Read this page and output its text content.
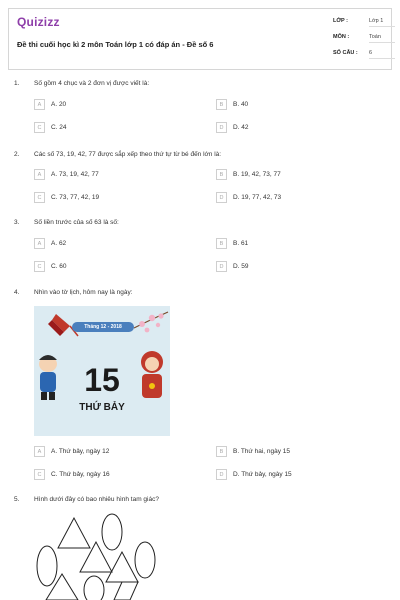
Quizizz
Đề thi cuối học kì 2 môn Toán lớp 1 có đáp án - Đề số 6
LỚP :	Lớp 1
MÔN :	Toán
SỐ CÂU : 6
1. Số gồm 4 chục và 2 đơn vị được viết là:
A	A. 20	B	B. 40
C	C. 24	D	D. 42
2. Các số 73, 19, 42, 77 được sắp xếp theo thứ tự từ bé đến lớn là:
A	A. 73, 19, 42, 77	B	B. 19, 42, 73, 77
C	C. 73, 77, 42, 19	D	D. 19, 77, 42, 73
3. Số liền trước của số 63 là số:
A	A. 62	B	B. 61
C	C. 60	D	D. 59
4. Nhìn vào tờ lịch, hôm nay là ngày:
Tháng 12 - 2018
15
THỨ BẢY
A	A. Thứ bảy, ngày 12	B	B. Thứ hai, ngày 15
C	C. Thứ bảy, ngày 16	D	D. Thứ bảy, ngày 15
5. Hình dưới đây có bao nhiêu hình tam giác?
